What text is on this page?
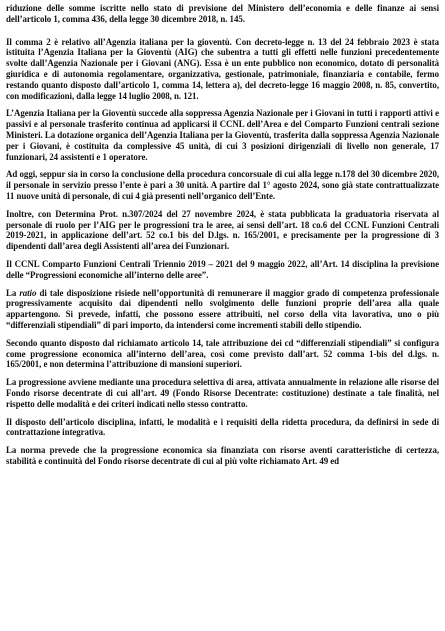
riduzione delle somme iscritte nello stato di previsione del Ministero dell’economia e delle finanze ai sensi dell’articolo 1, comma 436, della legge 30 dicembre 2018, n. 145.

Il comma 2 è relativo all’Agenzia italiana per la gioventù. Con decreto-legge n. 13 del 24 febbraio 2023 è stata istituita l’Agenzia Italiana per la Gioventù (AIG) che subentra a tutti gli effetti nelle funzioni precedentemente svolte dall’Agenzia Nazionale per i Giovani (ANG). Essa è un ente pubblico non economico, dotato di personalità giuridica e di autonomia regolamentare, organizzativa, gestionale, patrimoniale, finanziaria e contabile, fermo restando quanto disposto dall’articolo 1, comma 14, lettera a), del decreto-legge 16 maggio 2008, n. 85, convertito, con modificazioni, dalla legge 14 luglio 2008, n. 121.

L’Agenzia Italiana per la Gioventù succede alla soppressa Agenzia Nazionale per i Giovani in tutti i rapporti attivi e passivi e al personale trasferito continua ad applicarsi il CCNL dell’Area e del Comparto Funzioni centrali sezione Ministeri. La dotazione organica dell’Agenzia Italiana per la Gioventù, trasferita dalla soppressa Agenzia Nazionale per i Giovani, è costituita da complessive 45 unità, di cui 3 posizioni dirigenziali di livello non generale, 17 funzionari, 24 assistenti e 1 operatore.

Ad oggi, seppur sia in corso la conclusione della procedura concorsuale di cui alla legge n.178 del 30 dicembre 2020, il personale in servizio presso l’ente è pari a 30 unità. A partire dal 1° agosto 2024, sono già state contrattualizzate 11 nuove unità di personale, di cui 4 già presenti nell’organico dell’Ente.

Inoltre, con Determina Prot. n.307/2024 del 27 novembre 2024, è stata pubblicata la graduatoria riservata al personale di ruolo per l’AIG per le progressioni tra le aree, ai sensi dell’art. 18 co.6 del CCNL Funzioni Centrali 2019-2021, in applicazione dell’art. 52 co.1 bis del D.lgs. n. 165/2001, e precisamente per la progressione di 3 dipendenti dall’area degli Assistenti all’area dei Funzionari.

Il CCNL Comparto Funzioni Centrali Triennio 2019 – 2021 del 9 maggio 2022, all’Art. 14 disciplina la previsione delle “Progressioni economiche all’interno delle aree”.

La ratio di tale disposizione risiede nell’opportunità di remunerare il maggior grado di competenza professionale progressivamente acquisito dai dipendenti nello svolgimento delle funzioni proprie dell’area alla quale appartengono. Si prevede, infatti, che possono essere attribuiti, nel corso della vita lavorativa, uno o più “differenziali stipendiali” di pari importo, da intendersi come incrementi stabili dello stipendio.

Secondo quanto disposto dal richiamato articolo 14, tale attribuzione dei cd “differenziali stipendiali” si configura come progressione economica all’interno dell’area, così come previsto dall’art. 52 comma 1-bis del d.lgs. n. 165/2001, e non determina l’attribuzione di mansioni superiori.

La progressione avviene mediante una procedura selettiva di area, attivata annualmente in relazione alle risorse del Fondo risorse decentrate di cui all’art. 49 (Fondo Risorse Decentrate: costituzione) destinate a tale finalità, nel rispetto delle modalità e dei criteri indicati nello stesso contratto.

Il disposto dell’articolo disciplina, infatti, le modalità e i requisiti della ridetta procedura, da definirsi in sede di contrattazione integrativa.

La norma prevede che la progressione economica sia finanziata con risorse aventi caratteristiche di certezza, stabilità e continuità del Fondo risorse decentrate di cui al più volte richiamato Art. 49 ed
